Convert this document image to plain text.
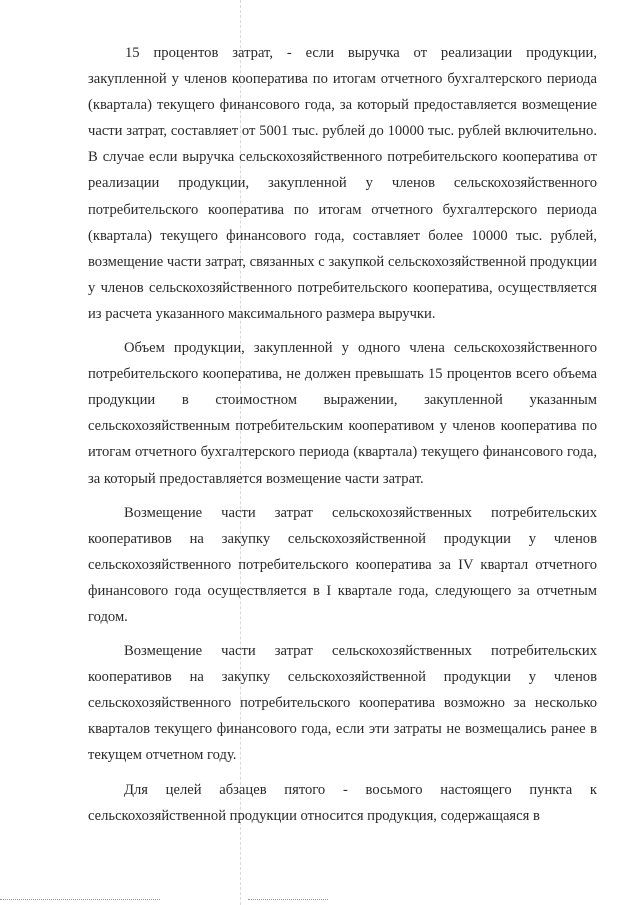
15 процентов затрат, - если выручка от реализации продукции, закупленной у членов кооператива по итогам отчетного бухгалтерского периода (квартала) текущего финансового года, за который предоставляется возмещение части затрат, составляет от 5001 тыс. рублей до 10000 тыс. рублей включительно. В случае если выручка сельскохозяйственного потребительского кооператива от реализации продукции, закупленной у членов сельскохозяйственного потребительского кооператива по итогам отчетного бухгалтерского периода (квартала) текущего финансового года, составляет более 10000 тыс. рублей, возмещение части затрат, связанных с закупкой сельскохозяйственной продукции у членов сельскохозяйственного потребительского кооператива, осуществляется из расчета указанного максимального размера выручки.

Объем продукции, закупленной у одного члена сельскохозяйственного потребительского кооператива, не должен превышать 15 процентов всего объема продукции в стоимостном выражении, закупленной указанным сельскохозяйственным потребительским кооперативом у членов кооператива по итогам отчетного бухгалтерского периода (квартала) текущего финансового года, за который предоставляется возмещение части затрат.

Возмещение части затрат сельскохозяйственных потребительских кооперативов на закупку сельскохозяйственной продукции у членов сельскохозяйственного потребительского кооператива за IV квартал отчетного финансового года осуществляется в I квартале года, следующего за отчетным годом.

Возмещение части затрат сельскохозяйственных потребительских кооперативов на закупку сельскохозяйственной продукции у членов сельскохозяйственного потребительского кооператива возможно за несколько кварталов текущего финансового года, если эти затраты не возмещались ранее в текущем отчетном году.

Для целей абзацев пятого - восьмого настоящего пункта к сельскохозяйственной продукции относится продукция, содержащаяся в
